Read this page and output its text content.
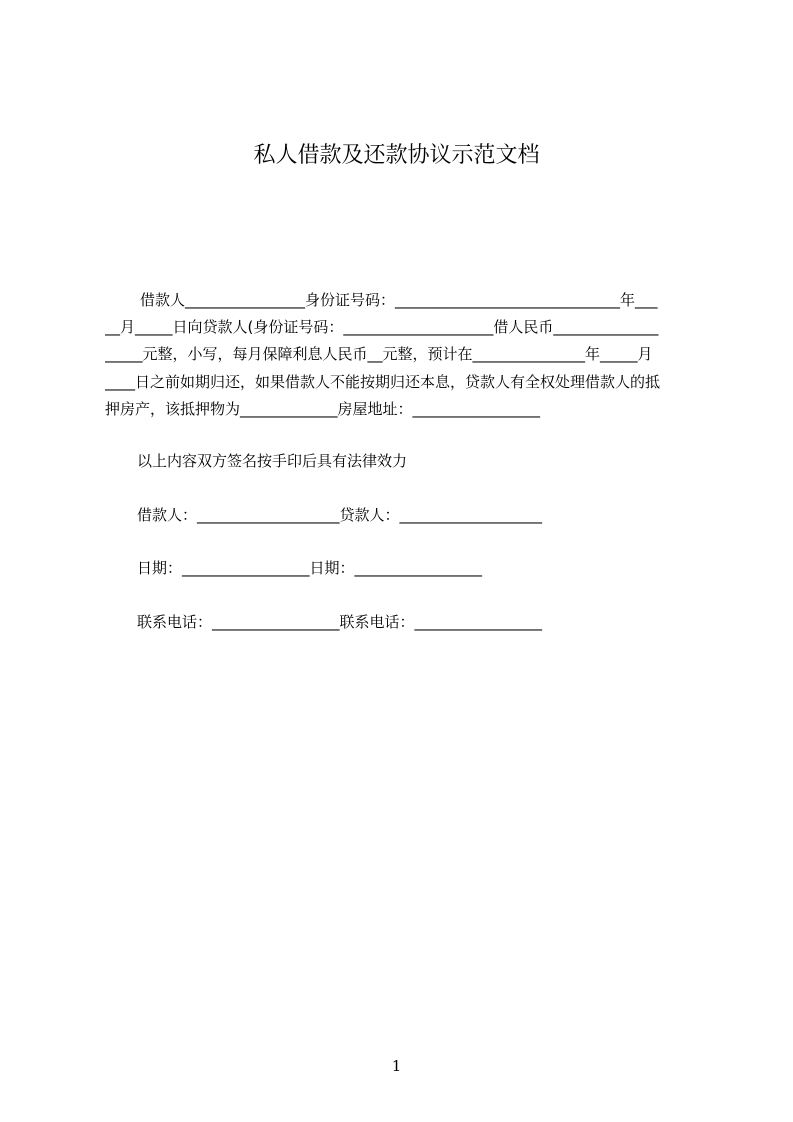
私人借款及还款协议示范文档
借款人________________身份证号码：______________________________年___
__月_____日向贷款人(身份证号码：____________________借人民币______________
_____元整，小写，每月保障利息人民币__元整，预计在_______________年_____月
____日之前如期归还，如果借款人不能按期归还本息，贷款人有全权处理借款人的抵
押房产，该抵押物为_____________房屋地址：_________________
以上内容双方签名按手印后具有法律效力
借款人：___________________贷款人：___________________
日期：_________________日期：_________________
联系电话：_________________联系电话：_________________
1
